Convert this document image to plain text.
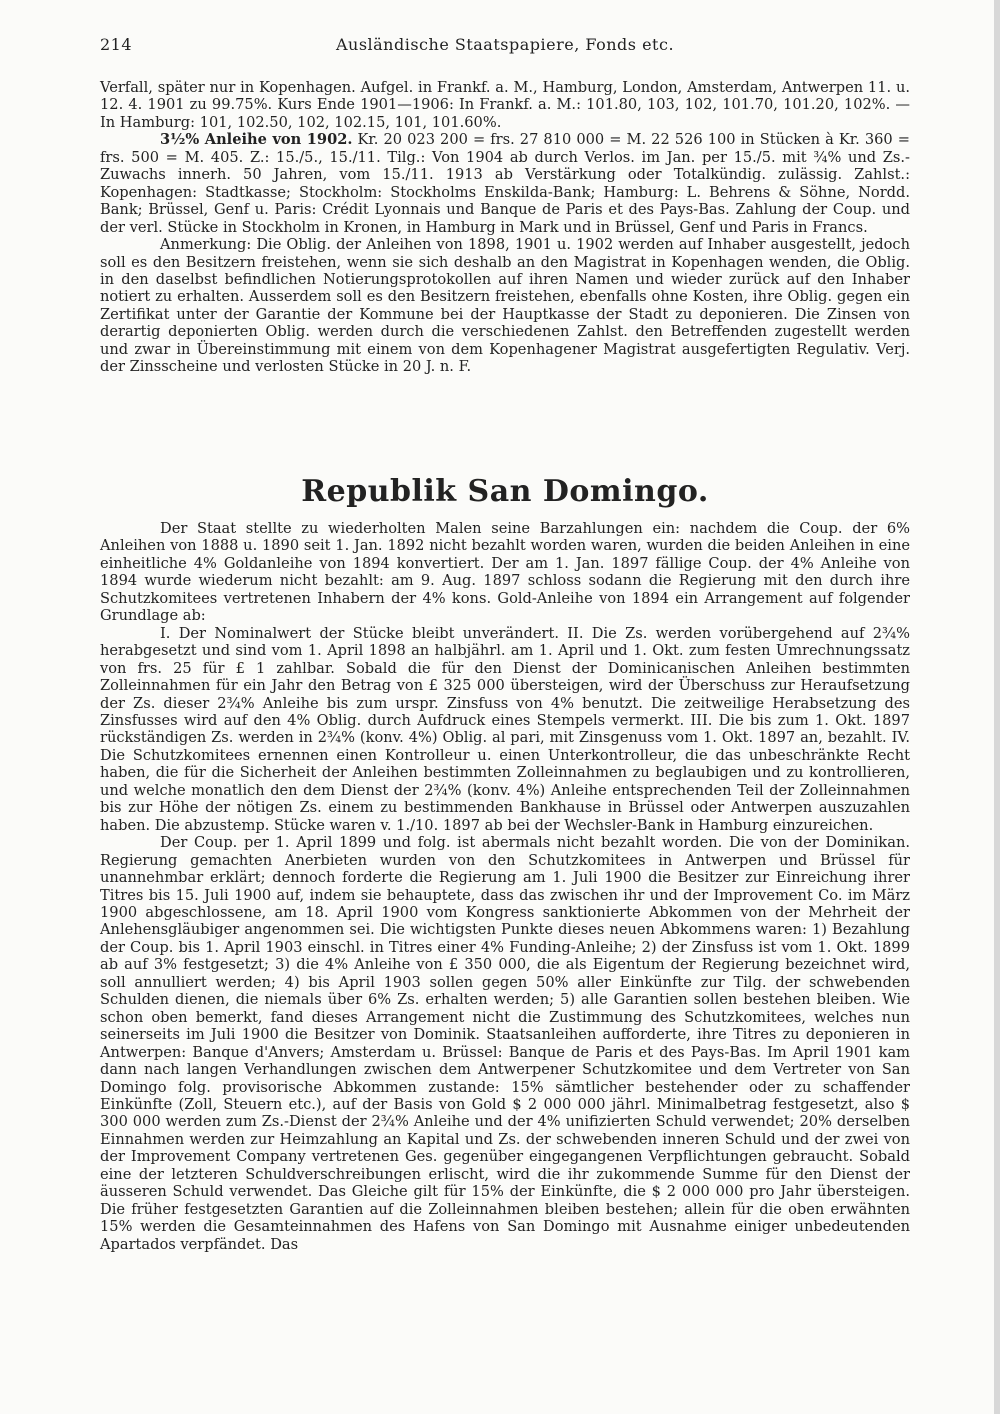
214	Ausländische Staatspapiere, Fonds etc.

Verfall, später nur in Kopenhagen. Aufgel. in Frankf. a. M., Hamburg, London, Amsterdam, Antwerpen 11. u. 12. 4. 1901 zu 99.75%. Kurs Ende 1901—1906: In Frankf. a. M.: 101.80, 103, 102, 101.70, 101.20, 102%. — In Hamburg: 101, 102.50, 102, 102.15, 101, 101.60%.

3½% Anleihe von 1902. Kr. 20 023 200 = frs. 27 810 000 = M. 22 526 100 in Stücken à Kr. 360 = frs. 500 = M. 405. Z.: 15./5., 15./11. Tilg.: Von 1904 ab durch Verlos. im Jan. per 15./5. mit ¾% und Zs.-Zuwachs innerh. 50 Jahren, vom 15./11. 1913 ab Verstärkung oder Totalkündig. zulässig. Zahlst.: Kopenhagen: Stadtkasse; Stockholm: Stockholms Enskilda-Bank; Hamburg: L. Behrens & Söhne, Nordd. Bank; Brüssel, Genf u. Paris: Crédit Lyonnais und Banque de Paris et des Pays-Bas. Zahlung der Coup. und der verl. Stücke in Stockholm in Kronen, in Hamburg in Mark und in Brüssel, Genf und Paris in Francs.

Anmerkung: Die Oblig. der Anleihen von 1898, 1901 u. 1902 werden auf Inhaber ausgestellt, jedoch soll es den Besitzern freistehen, wenn sie sich deshalb an den Magistrat in Kopenhagen wenden, die Oblig. in den daselbst befindlichen Notierungsprotokollen auf ihren Namen und wieder zurück auf den Inhaber notiert zu erhalten. Ausserdem soll es den Besitzern freistehen, ebenfalls ohne Kosten, ihre Oblig. gegen ein Zertifikat unter der Garantie der Kommune bei der Hauptkasse der Stadt zu deponieren. Die Zinsen von derartig deponierten Oblig. werden durch die verschiedenen Zahlst. den Betreffenden zugestellt werden und zwar in Übereinstimmung mit einem von dem Kopenhagener Magistrat ausgefertigten Regulativ. Verj. der Zinsscheine und verlosten Stücke in 20 J. n. F.

Republik San Domingo.

Der Staat stellte zu wiederholten Malen seine Barzahlungen ein: nachdem die Coup. der 6% Anleihen von 1888 u. 1890 seit 1. Jan. 1892 nicht bezahlt worden waren, wurden die beiden Anleihen in eine einheitliche 4% Goldanleihe von 1894 konvertiert. Der am 1. Jan. 1897 fällige Coup. der 4% Anleihe von 1894 wurde wiederum nicht bezahlt: am 9. Aug. 1897 schloss sodann die Regierung mit den durch ihre Schutzkomitees vertretenen Inhabern der 4% kons. Gold-Anleihe von 1894 ein Arrangement auf folgender Grundlage ab:

I. Der Nominalwert der Stücke bleibt unverändert. II. Die Zs. werden vorübergehend auf 2¾% herabgesetzt und sind vom 1. April 1898 an halbjährl. am 1. April und 1. Okt. zum festen Umrechnungssatz von frs. 25 für £ 1 zahlbar. Sobald die für den Dienst der Dominicanischen Anleihen bestimmten Zolleinnahmen für ein Jahr den Betrag von £ 325 000 übersteigen, wird der Überschuss zur Heraufsetzung der Zs. dieser 2¾% Anleihe bis zum urspr. Zinsfuss von 4% benutzt. Die zeitweilige Herabsetzung des Zinsfusses wird auf den 4% Oblig. durch Aufdruck eines Stempels vermerkt. III. Die bis zum 1. Okt. 1897 rückständigen Zs. werden in 2¾% (konv. 4%) Oblig. al pari, mit Zinsgenuss vom 1. Okt. 1897 an, bezahlt. IV. Die Schutzkomitees ernennen einen Kontrolleur u. einen Unterkontrolleur, die das unbeschränkte Recht haben, die für die Sicherheit der Anleihen bestimmten Zolleinnahmen zu beglaubigen und zu kontrollieren, und welche monatlich den dem Dienst der 2¾% (konv. 4%) Anleihe entsprechenden Teil der Zolleinnahmen bis zur Höhe der nötigen Zs. einem zu bestimmenden Bankhause in Brüssel oder Antwerpen auszuzahlen haben. Die abzustemp. Stücke waren v. 1./10. 1897 ab bei der Wechsler-Bank in Hamburg einzureichen.

Der Coup. per 1. April 1899 und folg. ist abermals nicht bezahlt worden. Die von der Dominikan. Regierung gemachten Anerbieten wurden von den Schutzkomitees in Antwerpen und Brüssel für unannehmbar erklärt; dennoch forderte die Regierung am 1. Juli 1900 die Besitzer zur Einreichung ihrer Titres bis 15. Juli 1900 auf, indem sie behauptete, dass das zwischen ihr und der Improvement Co. im März 1900 abgeschlossene, am 18. April 1900 vom Kongress sanktionierte Abkommen von der Mehrheit der Anlehensgläubiger angenommen sei. Die wichtigsten Punkte dieses neuen Abkommens waren: 1) Bezahlung der Coup. bis 1. April 1903 einschl. in Titres einer 4% Funding-Anleihe; 2) der Zinsfuss ist vom 1. Okt. 1899 ab auf 3% festgesetzt; 3) die 4% Anleihe von £ 350 000, die als Eigentum der Regierung bezeichnet wird, soll annulliert werden; 4) bis April 1903 sollen gegen 50% aller Einkünfte zur Tilg. der schwebenden Schulden dienen, die niemals über 6% Zs. erhalten werden; 5) alle Garantien sollen bestehen bleiben. Wie schon oben bemerkt, fand dieses Arrangement nicht die Zustimmung des Schutzkomitees, welches nun seinerseits im Juli 1900 die Besitzer von Dominik. Staatsanleihen aufforderte, ihre Titres zu deponieren in Antwerpen: Banque d'Anvers; Amsterdam u. Brüssel: Banque de Paris et des Pays-Bas. Im April 1901 kam dann nach langen Verhandlungen zwischen dem Antwerpener Schutzkomitee und dem Vertreter von San Domingo folg. provisorische Abkommen zustande: 15% sämtlicher bestehender oder zu schaffender Einkünfte (Zoll, Steuern etc.), auf der Basis von Gold $ 2 000 000 jährl. Minimalbetrag festgesetzt, also $ 300 000 werden zum Zs.-Dienst der 2¾% Anleihe und der 4% unifizierten Schuld verwendet; 20% derselben Einnahmen werden zur Heimzahlung an Kapital und Zs. der schwebenden inneren Schuld und der zwei von der Improvement Company vertretenen Ges. gegenüber eingegangenen Verpflichtungen gebraucht. Sobald eine der letzteren Schuldverschreibungen erlischt, wird die ihr zukommende Summe für den Dienst der äusseren Schuld verwendet. Das Gleiche gilt für 15% der Einkünfte, die $ 2 000 000 pro Jahr übersteigen. Die früher festgesetzten Garantien auf die Zolleinnahmen bleiben bestehen; allein für die oben erwähnten 15% werden die Gesamteinnahmen des Hafens von San Domingo mit Ausnahme einiger unbedeutenden Apartados verpfändet. Das
